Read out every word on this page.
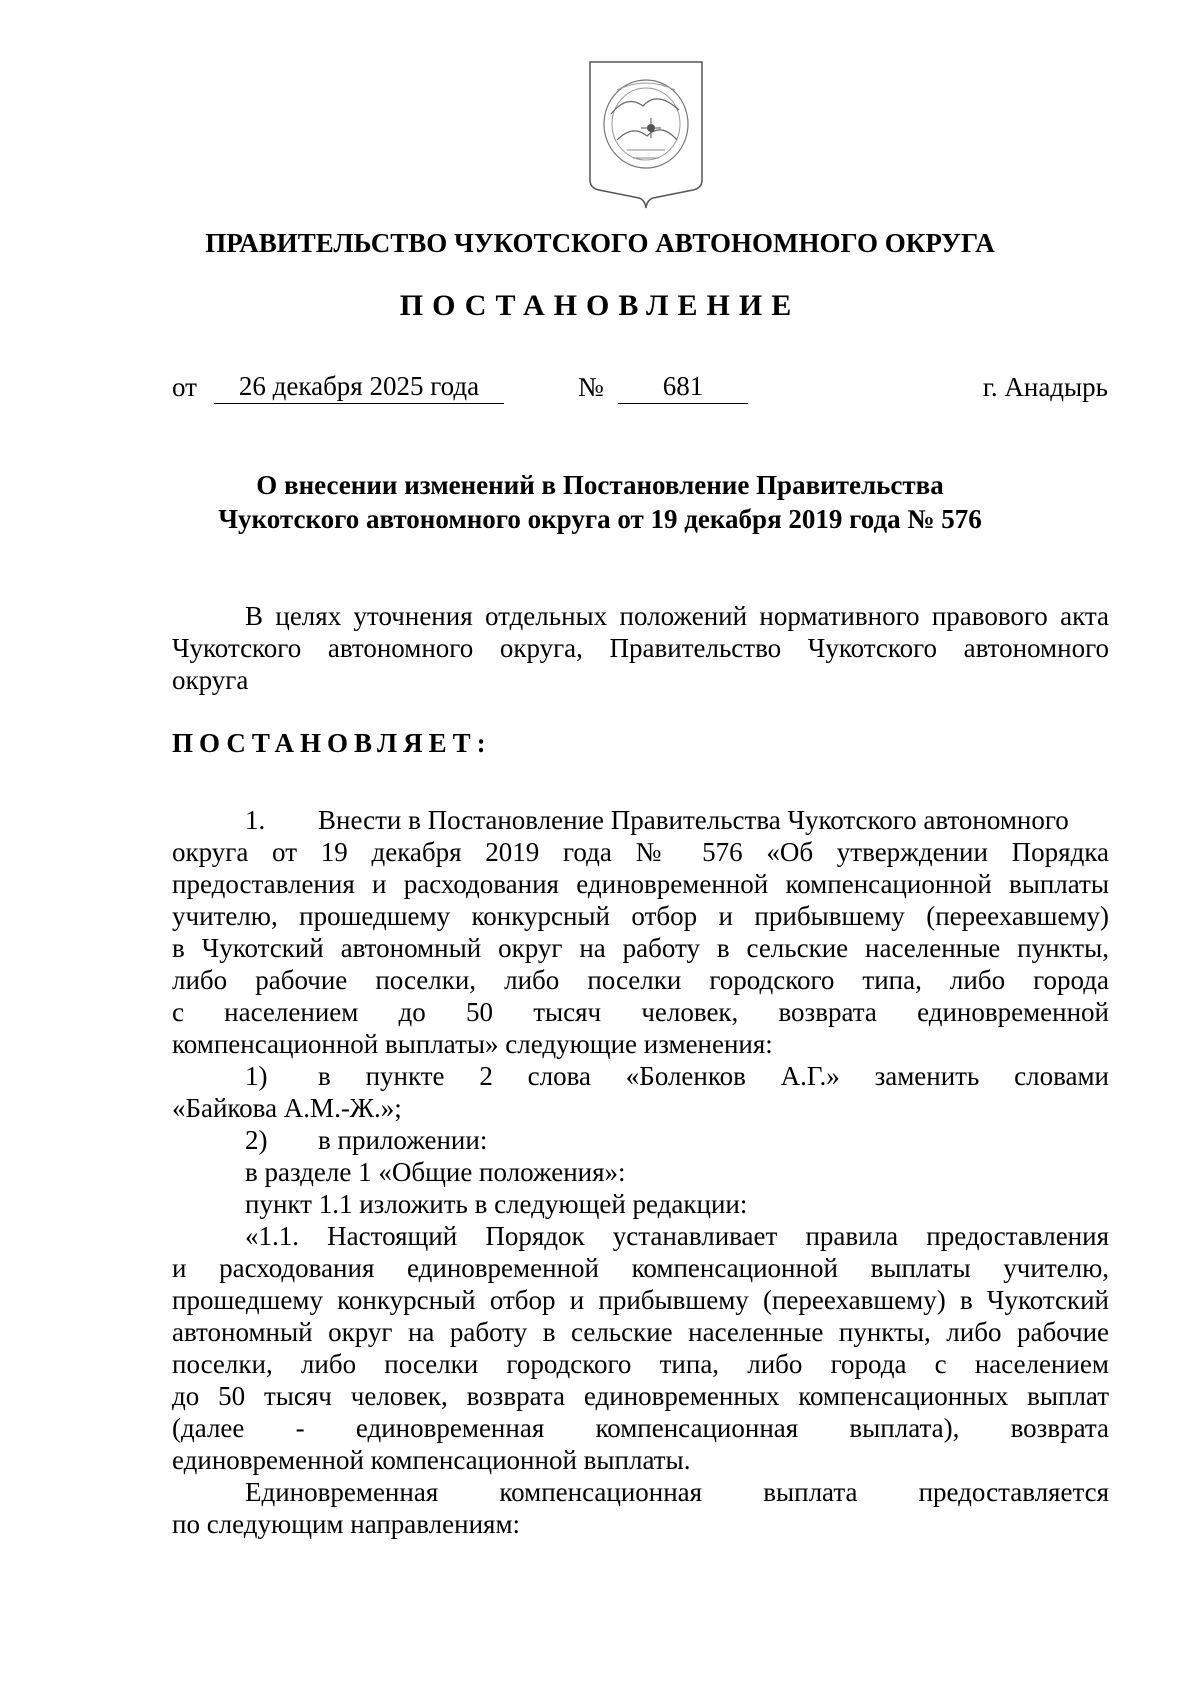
ПРАВИТЕЛЬСТВО ЧУКОТСКОГО АВТОНОМНОГО ОКРУГА
ПОСТАНОВЛЕНИЕ
от	26 декабря 2025 года	№	681	г. Анадырь
О внесении изменений в Постановление Правительства
Чукотского автономного округа от 19 декабря 2019 года № 576
В целях уточнения отдельных положений нормативного правового акта
Чукотского автономного округа, Правительство Чукотского автономного
округа
ПОСТАНОВЛЯЕТ:
1. Внести в Постановление Правительства Чукотского автономного
округа от 19 декабря 2019 года № 576 «Об утверждении Порядка
предоставления и расходования единовременной компенсационной выплаты
учителю, прошедшему конкурсный отбор и прибывшему (переехавшему)
в Чукотский автономный округ на работу в сельские населенные пункты,
либо рабочие поселки, либо поселки городского типа, либо города
с населением до 50 тысяч человек, возврата единовременной
компенсационной выплаты» следующие изменения:
1) в пункте 2 слова «Боленков А.Г.» заменить словами
«Байкова А.М.-Ж.»;
2) в приложении:
в разделе 1 «Общие положения»:
пункт 1.1 изложить в следующей редакции:
«1.1. Настоящий Порядок устанавливает правила предоставления
и расходования единовременной компенсационной выплаты учителю,
прошедшему конкурсный отбор и прибывшему (переехавшему) в Чукотский
автономный округ на работу в сельские населенные пункты, либо рабочие
поселки, либо поселки городского типа, либо города с населением
до 50 тысяч человек, возврата единовременных компенсационных выплат
(далее - единовременная компенсационная выплата), возврата
единовременной компенсационной выплаты.
Единовременная компенсационная выплата предоставляется
по следующим направлениям:
